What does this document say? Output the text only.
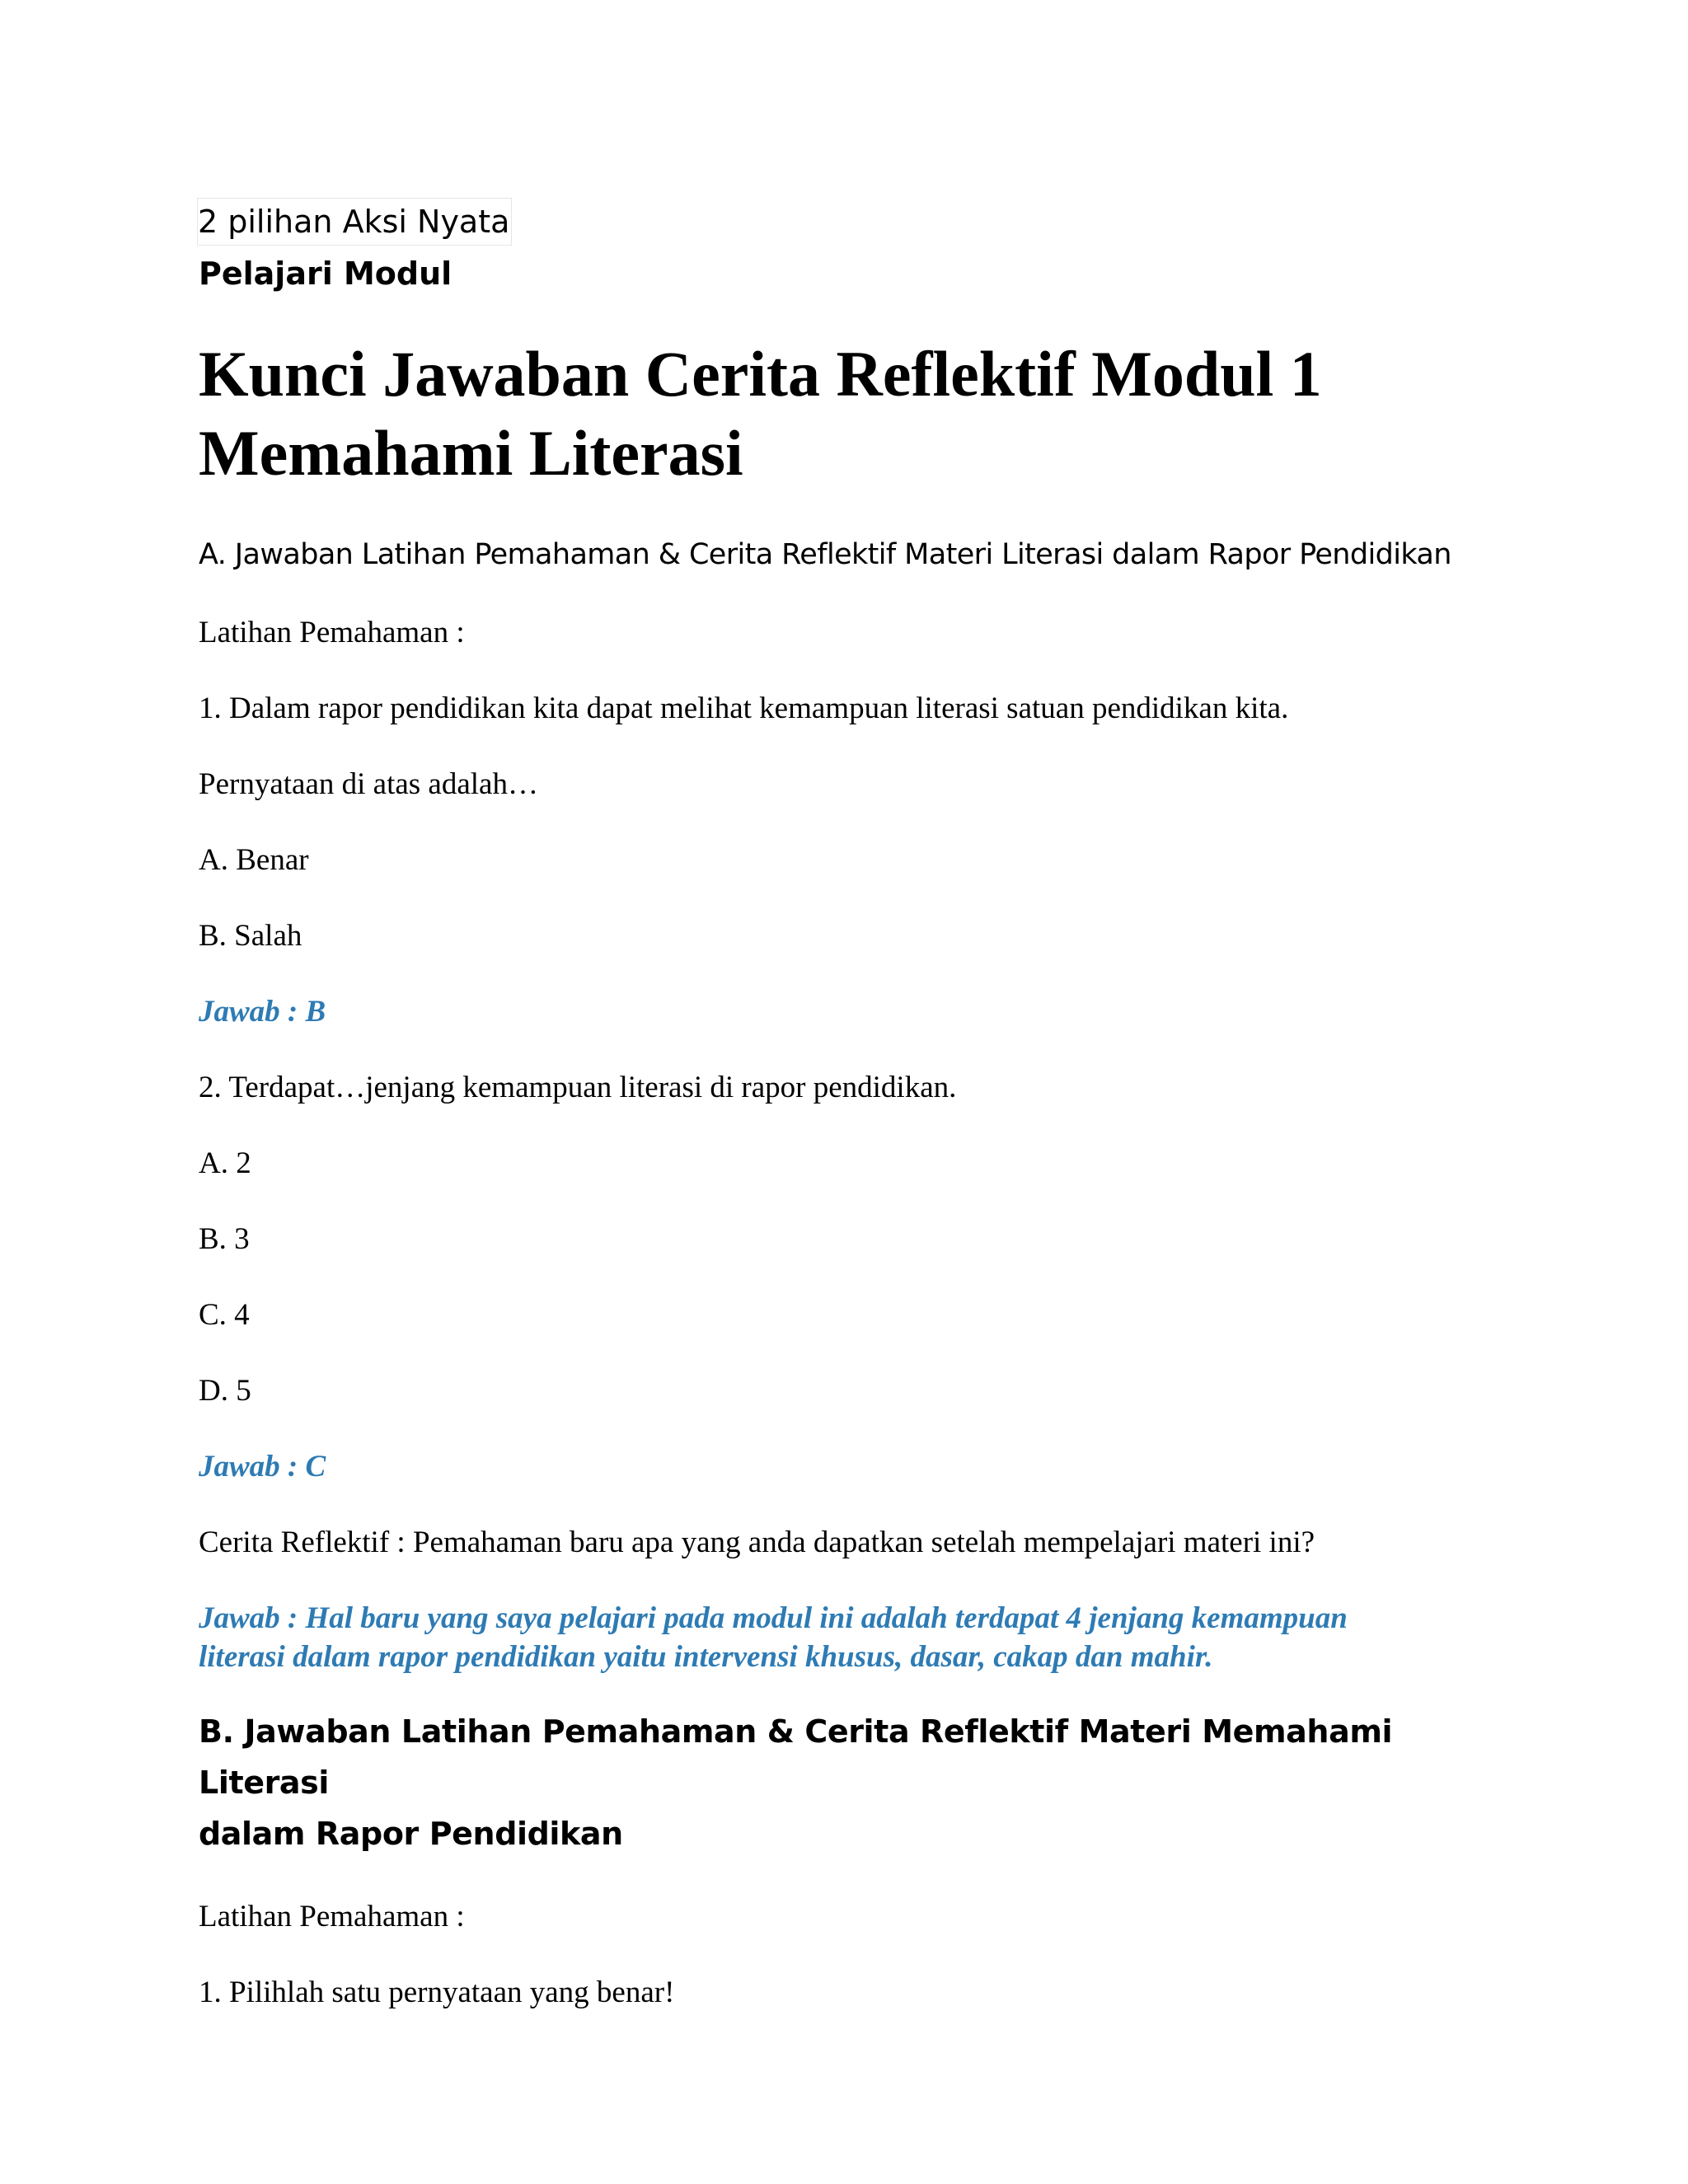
2 pilihan Aksi Nyata
Pelajari Modul
Kunci Jawaban Cerita Reflektif Modul 1 Memahami Literasi
A. Jawaban Latihan Pemahaman & Cerita Reflektif Materi Literasi dalam Rapor Pendidikan

Latihan Pemahaman :

1. Dalam rapor pendidikan kita dapat melihat kemampuan literasi satuan pendidikan kita.

Pernyataan di atas adalah…

A. Benar

B. Salah

Jawab : B

2. Terdapat…jenjang kemampuan literasi di rapor pendidikan.

A. 2

B. 3

C. 4

D. 5

Jawab : C

Cerita Reflektif : Pemahaman baru apa yang anda dapatkan setelah mempelajari materi ini?

Jawab : Hal baru yang saya pelajari pada modul ini adalah terdapat 4 jenjang kemampuan

literasi dalam rapor pendidikan yaitu intervensi khusus, dasar, cakap dan mahir.

B. Jawaban Latihan Pemahaman & Cerita Reflektif Materi Memahami Literasi
dalam Rapor Pendidikan

Latihan Pemahaman :

1. Pilihlah satu pernyataan yang benar!
